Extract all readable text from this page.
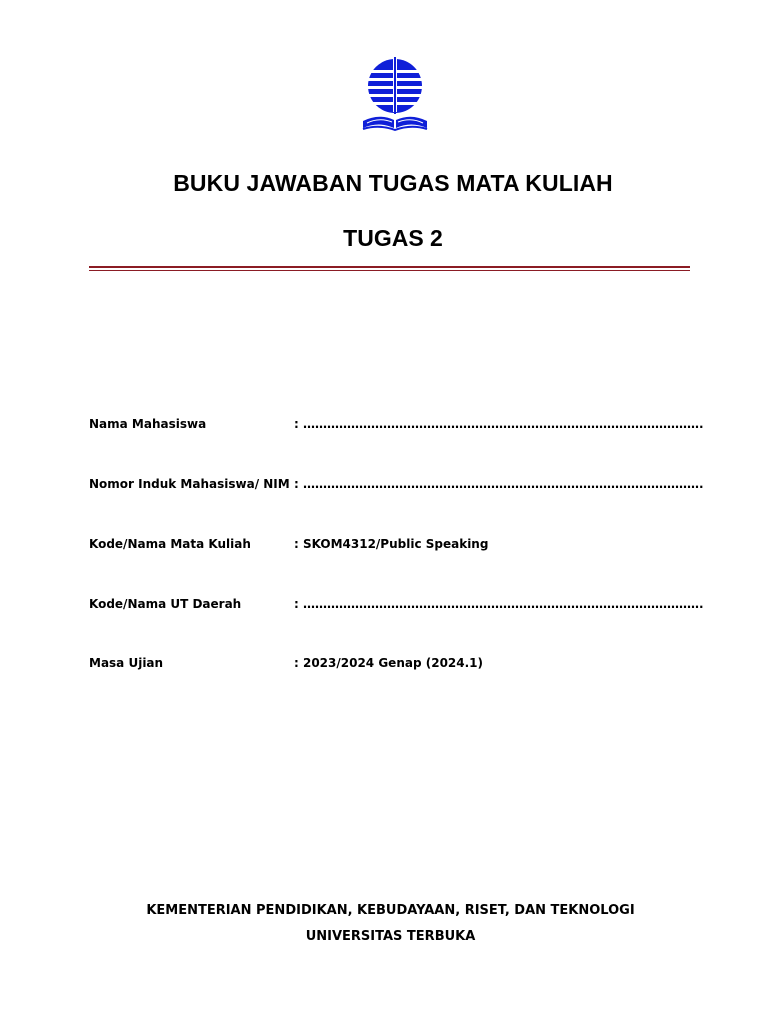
BUKU JAWABAN TUGAS MATA KULIAH
TUGAS 2
Nama Mahasiswa	: ……………………………………………………………………………………….
Nomor Induk Mahasiswa/ NIM : ……………………………………………………………………………………….
Kode/Nama Mata Kuliah	: SKOM4312/Public Speaking
Kode/Nama UT Daerah	: ……………………………………………………………………………………….
Masa Ujian	: 2023/2024 Genap (2024.1)
KEMENTERIAN PENDIDIKAN, KEBUDAYAAN, RISET, DAN TEKNOLOGI
UNIVERSITAS TERBUKA
